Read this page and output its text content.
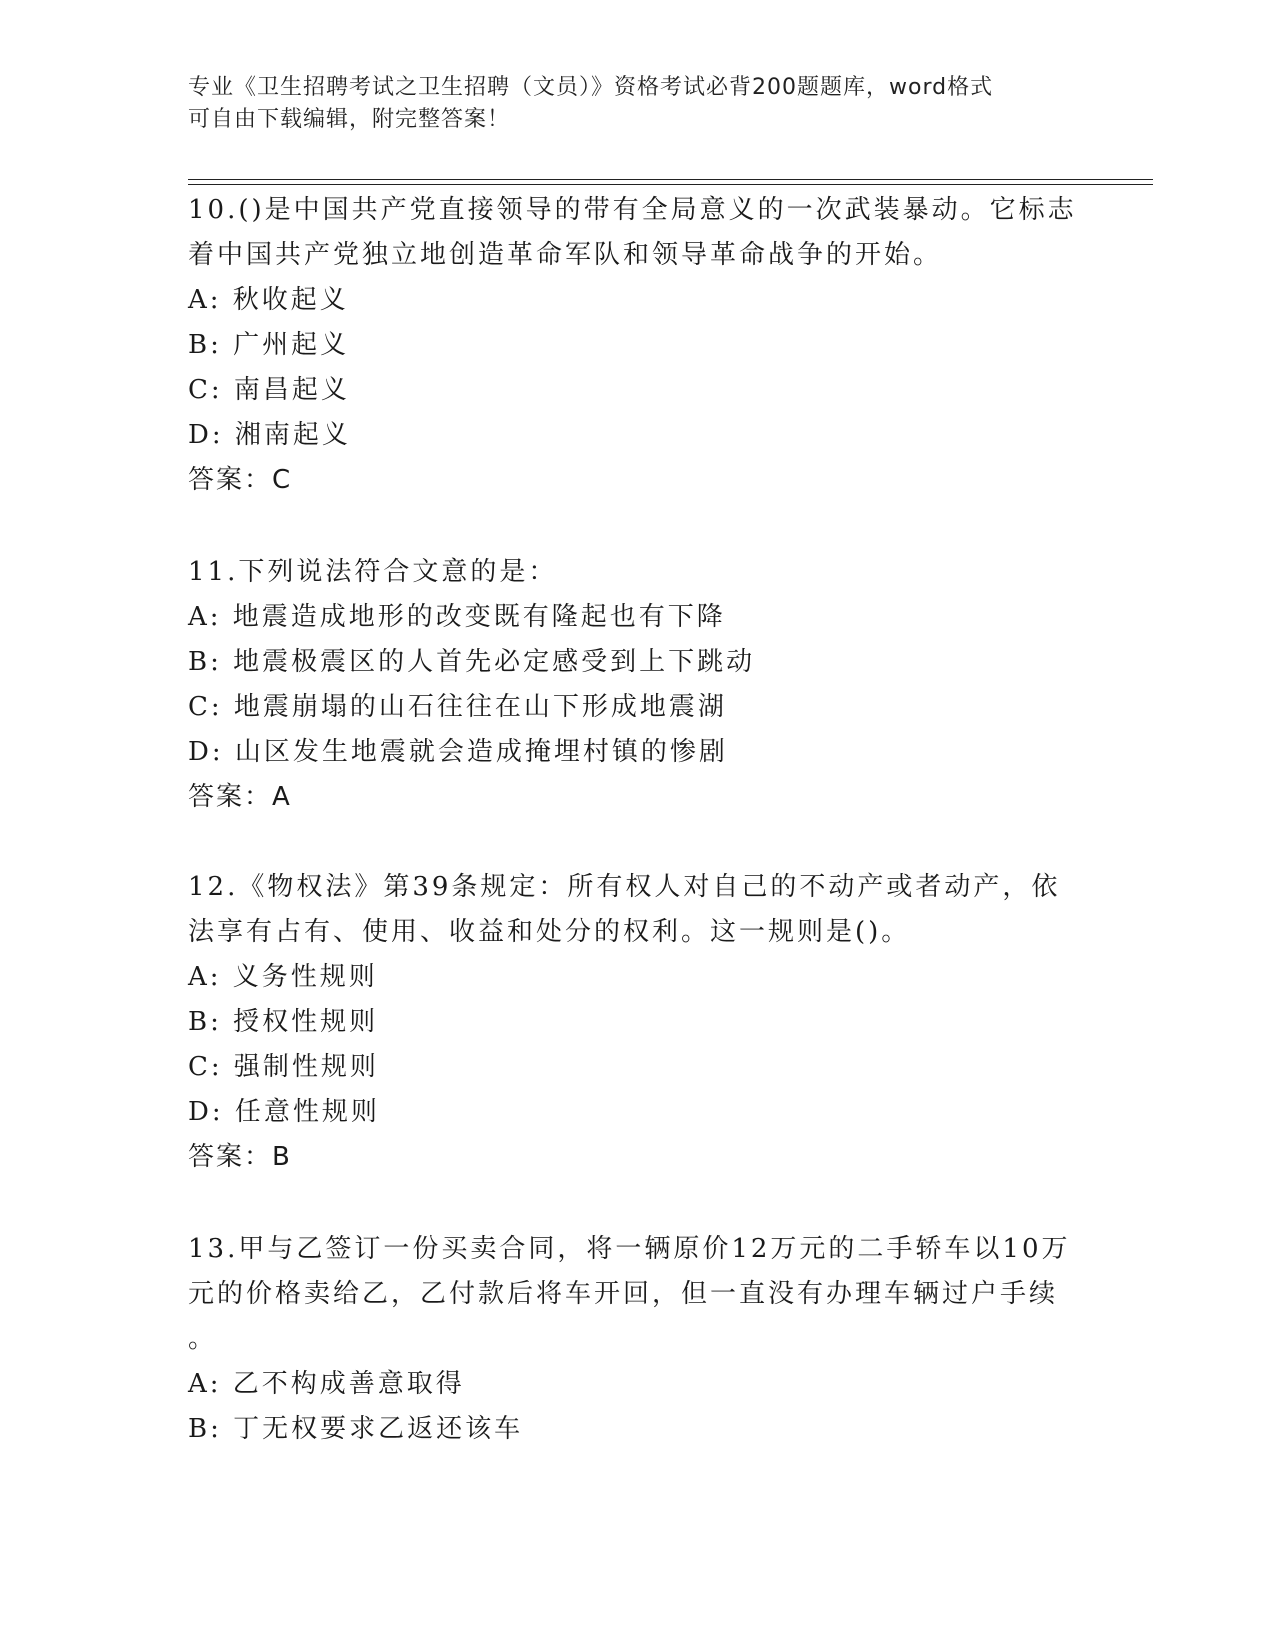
专业《卫生招聘考试之卫生招聘（文员）》资格考试必背200题题库，word格式
可自由下载编辑，附完整答案！
10.()是中国共产党直接领导的带有全局意义的一次武装暴动。它标志
着中国共产党独立地创造革命军队和领导革命战争的开始。
A: 秋收起义
B: 广州起义
C: 南昌起义
D: 湘南起义
答案：C
11.下列说法符合文意的是：
A: 地震造成地形的改变既有隆起也有下降
B: 地震极震区的人首先必定感受到上下跳动
C: 地震崩塌的山石往往在山下形成地震湖
D: 山区发生地震就会造成掩埋村镇的惨剧
答案：A
12.《物权法》第39条规定：所有权人对自己的不动产或者动产，依
法享有占有、使用、收益和处分的权利。这一规则是()。
A: 义务性规则
B: 授权性规则
C: 强制性规则
D: 任意性规则
答案：B
13.甲与乙签订一份买卖合同，将一辆原价12万元的二手轿车以10万
元的价格卖给乙，乙付款后将车开回，但一直没有办理车辆过户手续
。
A: 乙不构成善意取得
B: 丁无权要求乙返还该车
